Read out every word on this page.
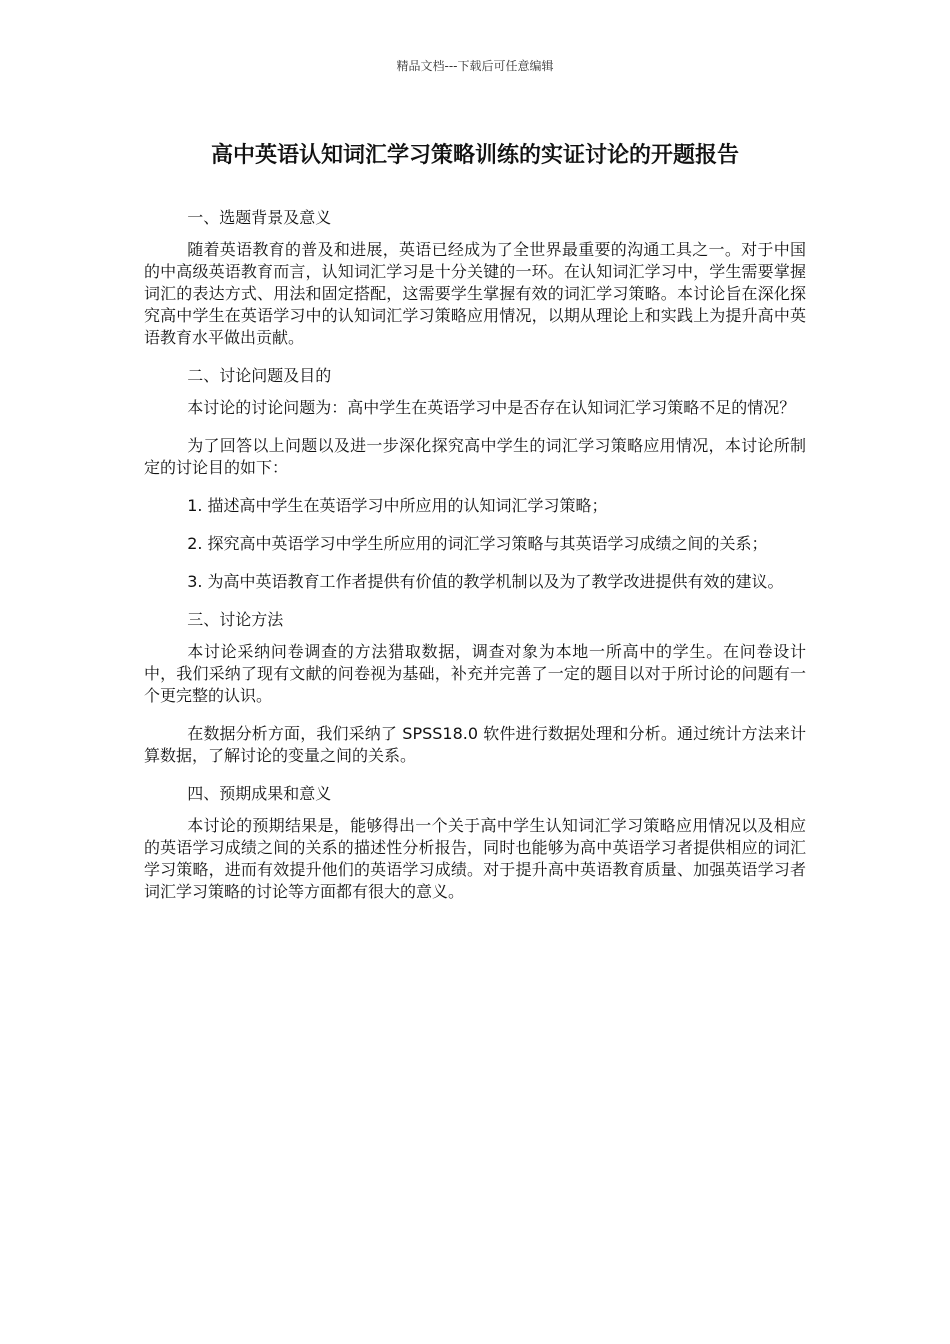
精品文档---下载后可任意编辑
高中英语认知词汇学习策略训练的实证讨论的开题报告

一、选题背景及意义

随着英语教育的普及和进展，英语已经成为了全世界最重要的沟通工具之一。对于中国的中高级英语教育而言，认知词汇学习是十分关键的一环。在认知词汇学习中，学生需要掌握词汇的表达方式、用法和固定搭配，这需要学生掌握有效的词汇学习策略。本讨论旨在深化探究高中学生在英语学习中的认知词汇学习策略应用情况，以期从理论上和实践上为提升高中英语教育水平做出贡献。

二、讨论问题及目的

本讨论的讨论问题为：高中学生在英语学习中是否存在认知词汇学习策略不足的情况？

为了回答以上问题以及进一步深化探究高中学生的词汇学习策略应用情况，本讨论所制定的讨论目的如下：

1. 描述高中学生在英语学习中所应用的认知词汇学习策略；

2. 探究高中英语学习中学生所应用的词汇学习策略与其英语学习成绩之间的关系；

3. 为高中英语教育工作者提供有价值的教学机制以及为了教学改进提供有效的建议。

三、讨论方法

本讨论采纳问卷调查的方法猎取数据，调查对象为本地一所高中的学生。在问卷设计中，我们采纳了现有文献的问卷视为基础，补充并完善了一定的题目以对于所讨论的问题有一个更完整的认识。

在数据分析方面，我们采纳了 SPSS18.0 软件进行数据处理和分析。通过统计方法来计算数据，了解讨论的变量之间的关系。

四、预期成果和意义

本讨论的预期结果是，能够得出一个关于高中学生认知词汇学习策略应用情况以及相应的英语学习成绩之间的关系的描述性分析报告，同时也能够为高中英语学习者提供相应的词汇学习策略，进而有效提升他们的英语学习成绩。对于提升高中英语教育质量、加强英语学习者词汇学习策略的讨论等方面都有很大的意义。
